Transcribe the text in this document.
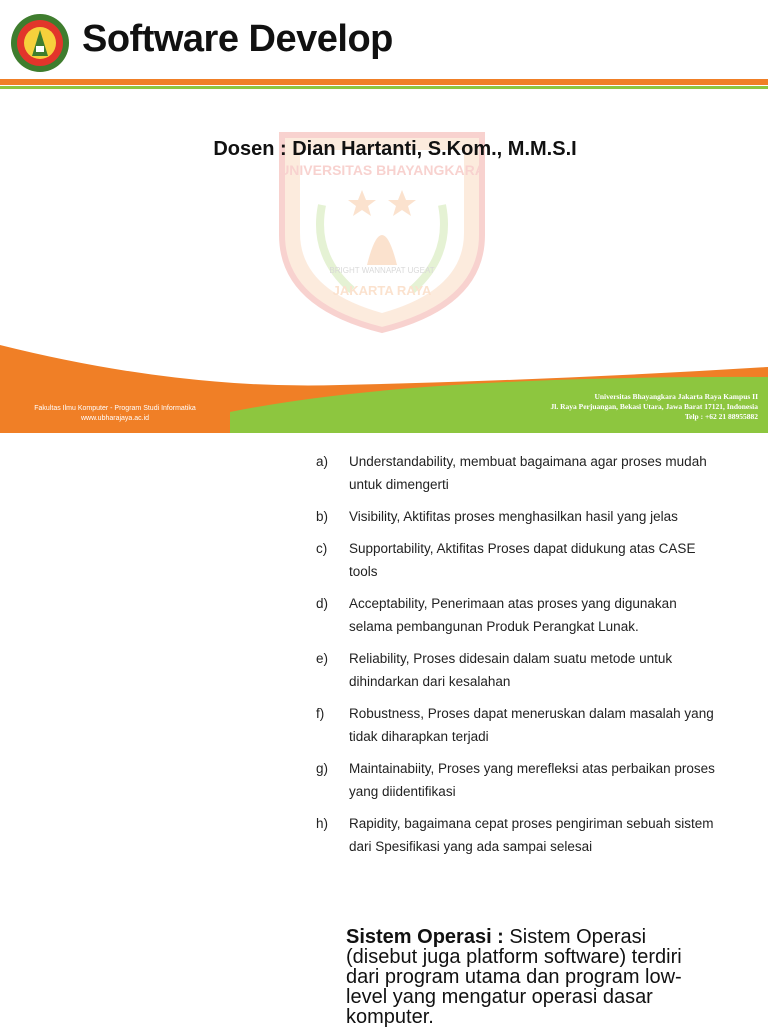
Software Develop
UNIVERSITAS BHAYANGKARA
BRIGHT WANNAPAT UGEAT
JAKARTA RAYA
Dosen : Dian Hartanti, S.Kom., M.M.S.I
Fakultas Ilmu Komputer - Program Studi Informatika
www.ubharajaya.ac.id
Universitas Bhayangkara Jakarta Raya Kampus II
Jl. Raya Perjuangan, Bekasi Utara, Jawa Barat 17121, Indonesia
Telp : +62 21 88955882
a)	Understandability, membuat bagaimana agar proses mudah untuk dimengerti
b)	Visibility, Aktifitas proses menghasilkan hasil yang jelas
c)	Supportability, Aktifitas Proses dapat didukung atas CASE tools
d)	Acceptability, Penerimaan atas proses yang digunakan selama pembangunan Produk Perangkat Lunak.
e)	Reliability, Proses didesain dalam suatu metode untuk dihindarkan dari kesalahan
f)	Robustness, Proses dapat meneruskan dalam masalah yang tidak diharapkan terjadi
g)	Maintainabiity, Proses yang merefleksi atas perbaikan proses yang diidentifikasi
h)	Rapidity, bagaimana cepat proses pengiriman sebuah sistem dari Spesifikasi yang ada sampai selesai
Sistem Operasi : Sistem Operasi (disebut juga platform software) terdiri dari program utama dan program low-level yang mengatur operasi dasar komputer.
